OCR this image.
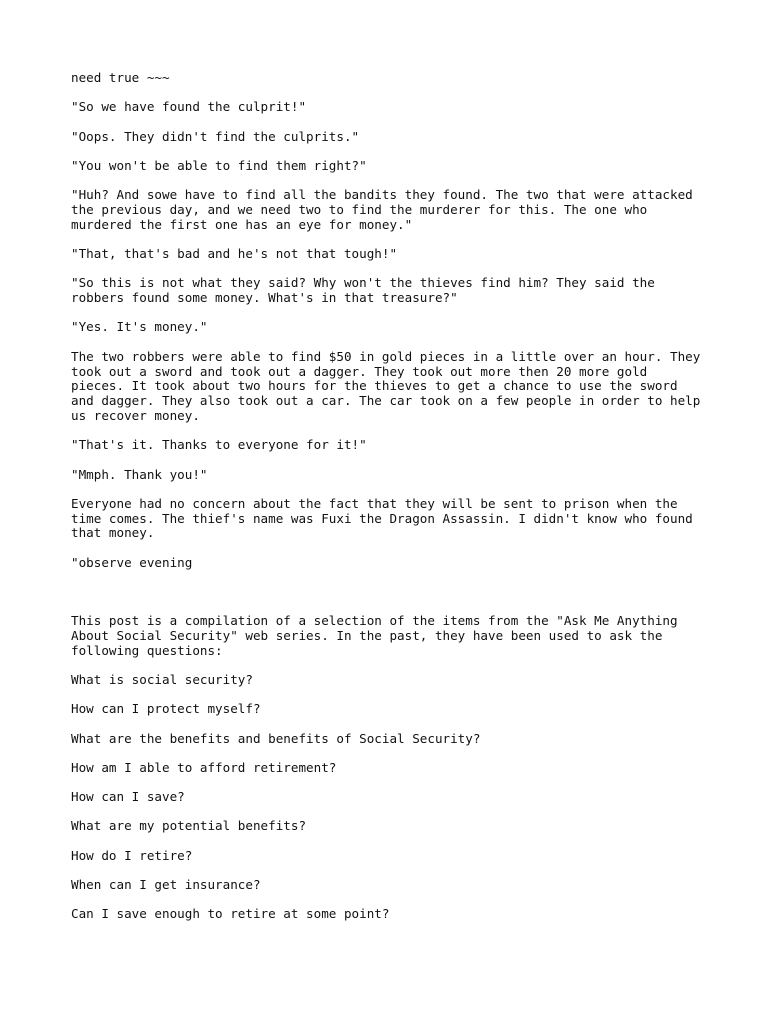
need true ~~~

"So we have found the culprit!"

"Oops. They didn't find the culprits."

"You won't be able to find them right?"

"Huh? And sowe have to find all the bandits they found. The two that were attacked the previous day, and we need two to find the murderer for this. The one who murdered the first one has an eye for money."

"That, that's bad and he's not that tough!"

"So this is not what they said? Why won't the thieves find him? They said the robbers found some money. What's in that treasure?"

"Yes. It's money."

The two robbers were able to find $50 in gold pieces in a little over an hour. They took out a sword and took out a dagger. They took out more then 20 more gold pieces. It took about two hours for the thieves to get a chance to use the sword and dagger. They also took out a car. The car took on a few people in order to help us recover money.

"That's it. Thanks to everyone for it!"

"Mmph. Thank you!"

Everyone had no concern about the fact that they will be sent to prison when the time comes. The thief's name was Fuxi the Dragon Assassin. I didn't know who found that money.

"observe evening

This post is a compilation of a selection of the items from the "Ask Me Anything About Social Security" web series. In the past, they have been used to ask the following questions:

What is social security?

How can I protect myself?

What are the benefits and benefits of Social Security?

How am I able to afford retirement?

How can I save?

What are my potential benefits?

How do I retire?

When can I get insurance?

Can I save enough to retire at some point?
